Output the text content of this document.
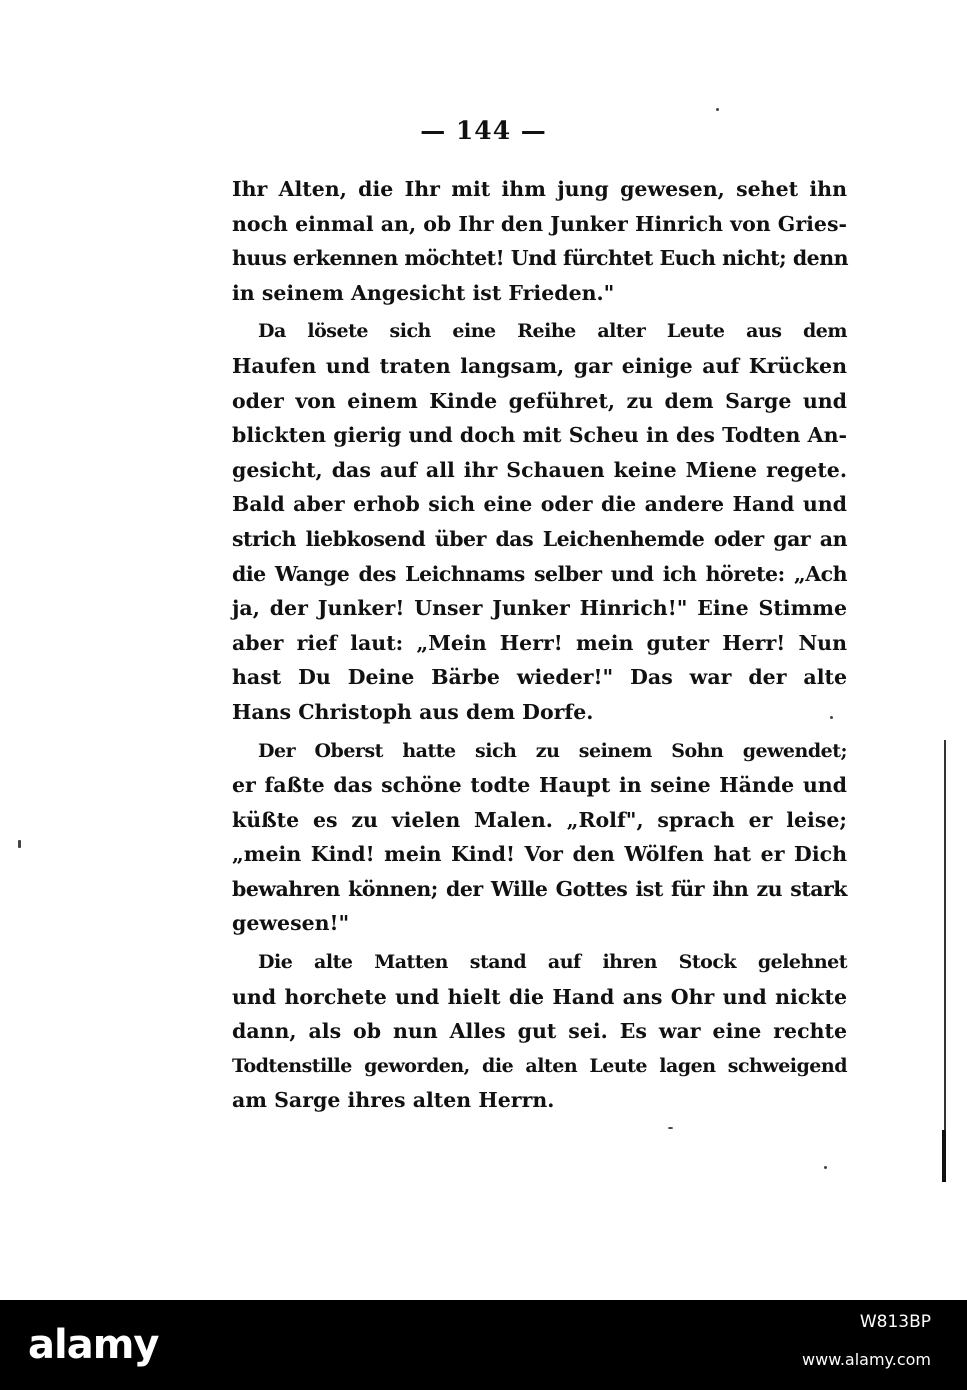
— 144 —

Ihr Alten, die Ihr mit ihm jung gewesen, sehet ihn
noch einmal an, ob Ihr den Junker Hinrich von Gries-
huus erkennen möchtet! Und fürchtet Euch nicht; denn
in seinem Angesicht ist Frieden."

Da lösete sich eine Reihe alter Leute aus dem
Haufen und traten langsam, gar einige auf Krücken
oder von einem Kinde geführet, zu dem Sarge und
blickten gierig und doch mit Scheu in des Todten An-
gesicht, das auf all ihr Schauen keine Miene regete.
Bald aber erhob sich eine oder die andere Hand und
strich liebkosend über das Leichenhemde oder gar an
die Wange des Leichnams selber und ich hörete: „Ach
ja, der Junker! Unser Junker Hinrich!" Eine Stimme
aber rief laut: „Mein Herr! mein guter Herr! Nun
hast Du Deine Bärbe wieder!" Das war der alte
Hans Christoph aus dem Dorfe.

Der Oberst hatte sich zu seinem Sohn gewendet;
er faßte das schöne todte Haupt in seine Hände und
küßte es zu vielen Malen. „Rolf", sprach er leise;
„mein Kind! mein Kind! Vor den Wölfen hat er Dich
bewahren können; der Wille Gottes ist für ihn zu stark
gewesen!"

Die alte Matten stand auf ihren Stock gelehnet
und horchete und hielt die Hand ans Ohr und nickte
dann, als ob nun Alles gut sei. Es war eine rechte
Todtenstille geworden, die alten Leute lagen schweigend
am Sarge ihres alten Herrn.

alamy	W813BP
www.alamy.com
